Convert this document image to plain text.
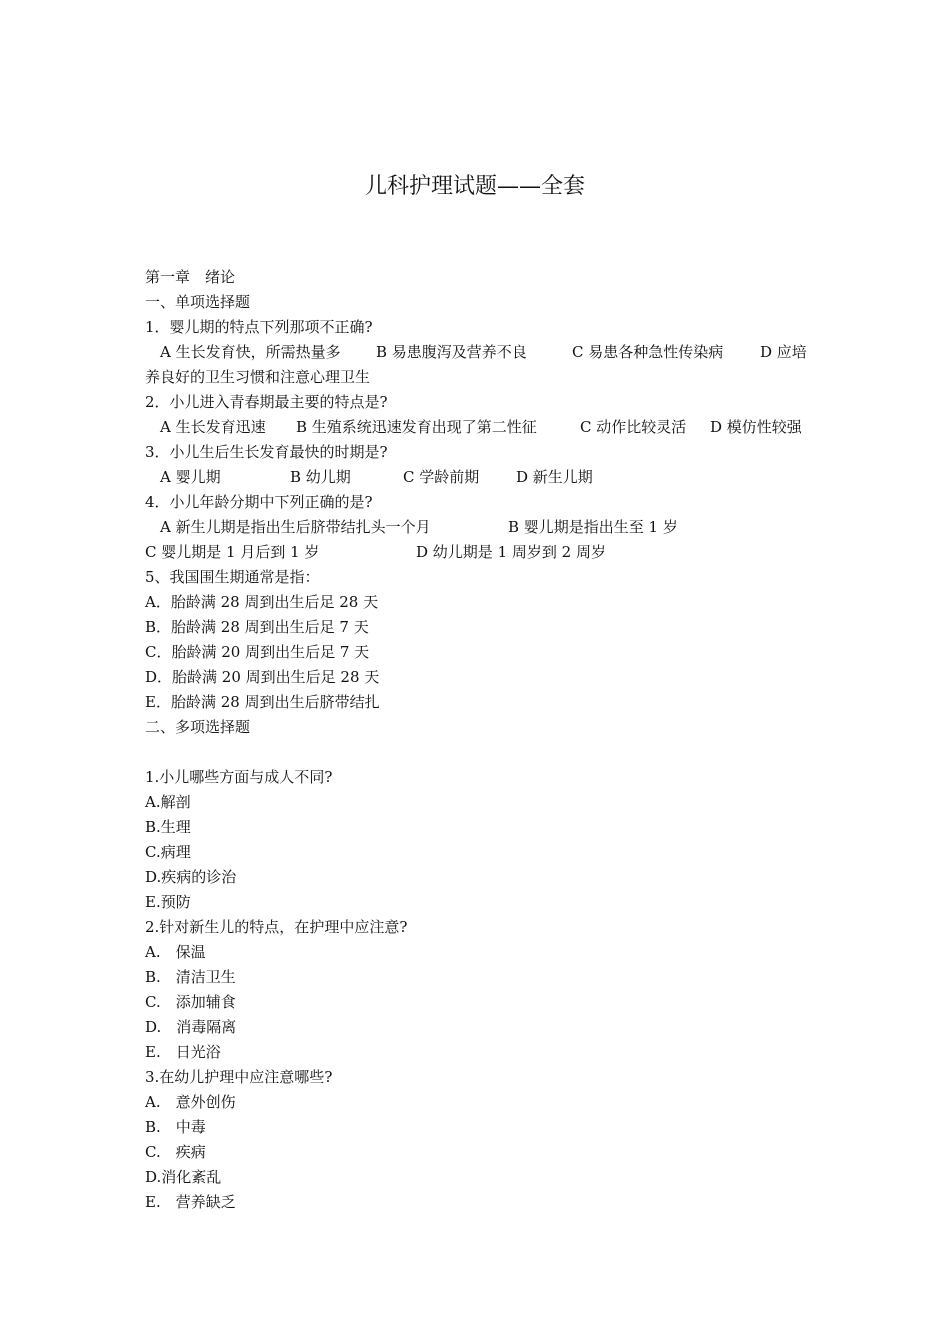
儿科护理试题——全套
第一章　绪论
一、单项选择题
1．婴儿期的特点下列那项不正确?
A 生长发育快，所需热量多 B 易患腹泻及营养不良	C 易患各种急性传染病 D 应培
养良好的卫生习惯和注意心理卫生
2．小儿进入青春期最主要的特点是?
A 生长发育迅速 B 生殖系统迅速发育出现了第二性征	C 动作比较灵活 D 模仿性较强
3．小儿生后生长发育最快的时期是?
A 婴儿期	B 幼儿期	C 学龄前期 D 新生儿期
4．小儿年龄分期中下列正确的是?
A 新生儿期是指出生后脐带结扎头一个月	B 婴儿期是指出生至 1 岁
C 婴儿期是 1 月后到 1 岁	D 幼儿期是 1 周岁到 2 周岁
5、我国围生期通常是指：
A．胎龄满 28 周到出生后足 28 天
B．胎龄满 28 周到出生后足 7 天
C．胎龄满 20 周到出生后足 7 天
D．胎龄满 20 周到出生后足 28 天
E．胎龄满 28 周到出生后脐带结扎
二、多项选择题
1.小儿哪些方面与成人不同?
A.解剖
B.生理
C.病理
D.疾病的诊治
E.预防
2.针对新生儿的特点，在护理中应注意?
A.　保温
B.　清洁卫生
C.　添加辅食
D.　消毒隔离
E.　日光浴
3.在幼儿护理中应注意哪些?
A.　意外创伤
B.　中毒
C.　疾病
D.消化紊乱
E.　营养缺乏
